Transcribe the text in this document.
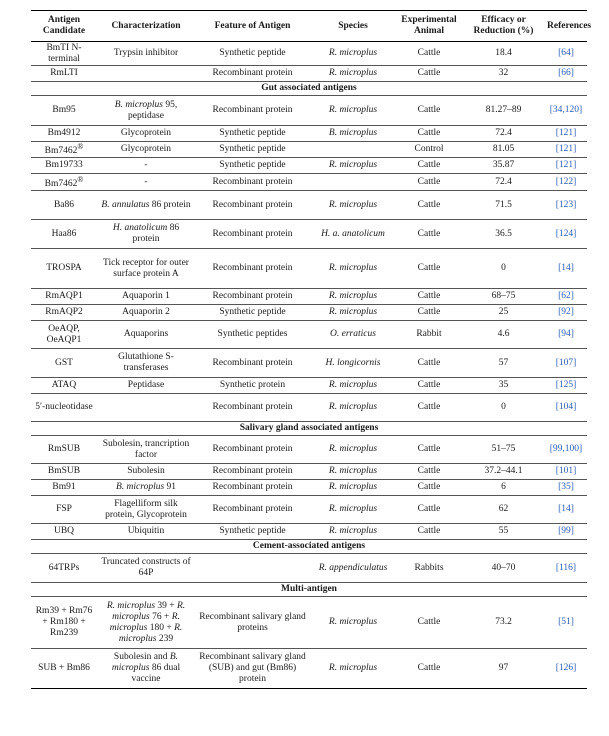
Antigen Candidate	Characterization	Feature of Antigen	Species	Experimental Animal	Efficacy or Reduction (%)	References
BmTI N-terminal	Trypsin inhibitor	Synthetic peptide	R. microplus	Cattle	18.4	[64]
RmLTI		Recombinant protein	R. microplus	Cattle	32	[66]
Gut associated antigens						
Bm95	B. microplus 95, peptidase	Recombinant protein	R. microplus	Cattle	81.27–89	[34,120]
Bm4912	Glycoprotein	Synthetic peptide	B. microplus	Cattle	72.4	[121]
Bm7462®	Glycoprotein	Synthetic peptide		Control	81.05	[121]
Bm19733	-	Synthetic peptide	R. microplus	Cattle	35.87	[121]
Bm7462®	-	Recombinant protein		Cattle	72.4	[122]
Ba86	B. annulatus 86 protein	Recombinant protein	R. microplus	Cattle	71.5	[123]
Haa86	H. anatolicum 86 protein	Recombinant protein	H. a. anatolicum	Cattle	36.5	[124]
TROSPA	Tick receptor for outer surface protein A	Recombinant protein	R. microplus	Cattle	0	[14]
RmAQP1	Aquaporin 1	Recombinant protein	R. microplus	Cattle	68–75	[62]
RmAQP2	Aquaporin 2	Synthetic peptide	R. microplus	Cattle	25	[92]
OeAQP, OeAQP1	Aquaporins	Synthetic peptides	O. erraticus	Rabbit	4.6	[94]
GST	Glutathione S-transferases	Recombinant protein	H. longicornis	Cattle	57	[107]
ATAQ	Peptidase	Synthetic protein	R. microplus	Cattle	35	[125]
5′-nucleotidase		Recombinant protein	R. microplus	Cattle	0	[104]
Salivary gland associated antigens						
RmSUB	Subolesin, trancription factor	Recombinant protein	R. microplus	Cattle	51–75	[99,100]
BmSUB	Subolesin	Recombinant protein	R. microplus	Cattle	37.2–44.1	[101]
Bm91	B. microplus 91	Recombinant protein	R. microplus	Cattle	6	[35]
FSP	Flagelliform silk protein, Glycoprotein	Recombinant protein	R. microplus	Cattle	62	[14]
UBQ	Ubiquitin	Synthetic peptide	R. microplus	Cattle	55	[99]
Cement-associated antigens						
64TRPs	Truncated constructs of 64P		R. appendiculatus	Rabbits	40–70	[116]
Multi-antigen						
Rm39 + Rm76 + Rm180 + Rm239	R. microplus 39 + R. microplus 76 + R. microplus 180 + R. microplus 239	Recombinant salivary gland proteins	R. microplus	Cattle	73.2	[51]
SUB + Bm86	Subolesin and B. microplus 86 dual vaccine	Recombinant salivary gland (SUB) and gut (Bm86) protein	R. microplus	Cattle	97	[126]
